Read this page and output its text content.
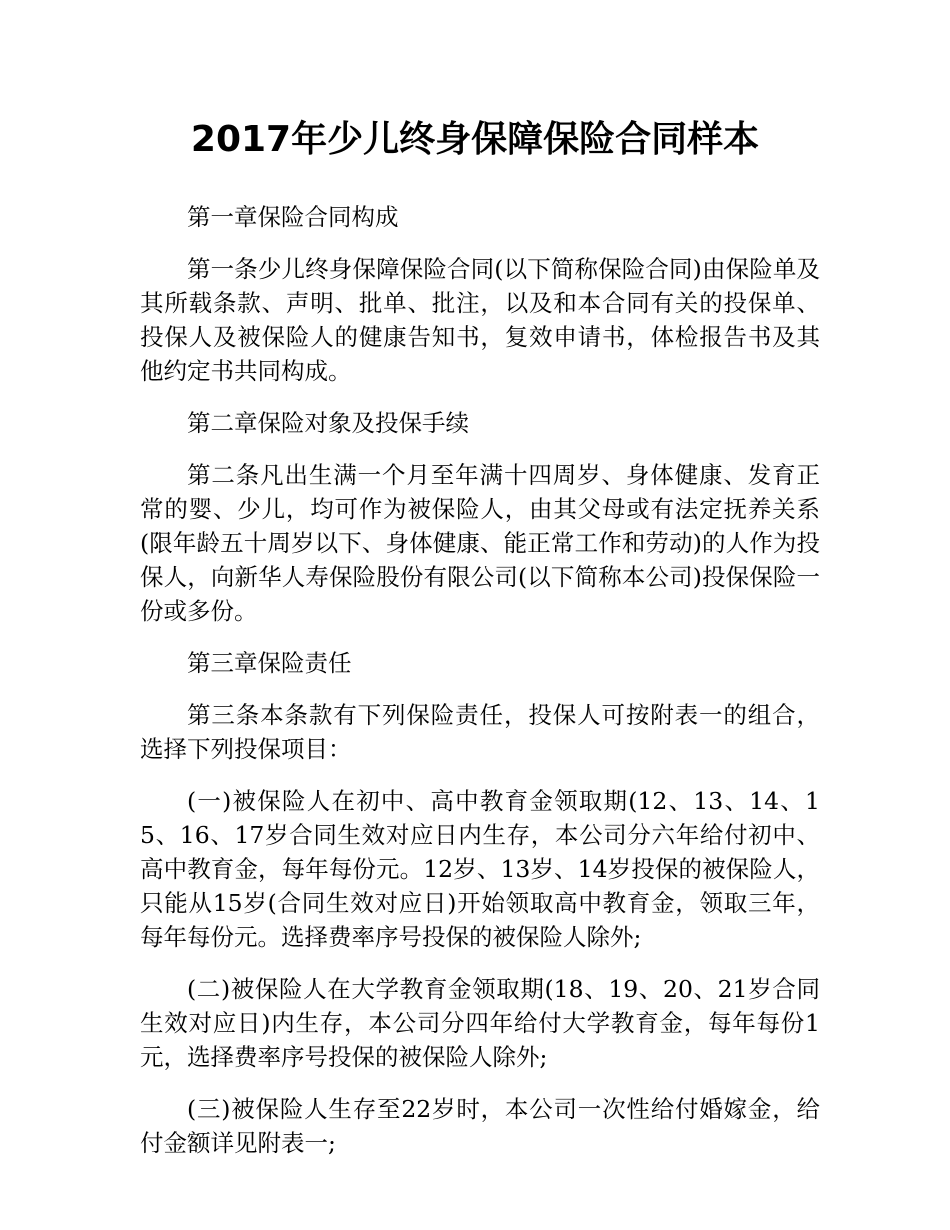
2017年少儿终身保障保险合同样本

第一章保险合同构成

第一条少儿终身保障保险合同(以下简称保险合同)由保险单及其所载条款、声明、批单、批注，以及和本合同有关的投保单、投保人及被保险人的健康告知书，复效申请书，体检报告书及其他约定书共同构成。

第二章保险对象及投保手续

第二条凡出生满一个月至年满十四周岁、身体健康、发育正常的婴、少儿，均可作为被保险人，由其父母或有法定抚养关系(限年龄五十周岁以下、身体健康、能正常工作和劳动)的人作为投保人，向新华人寿保险股份有限公司(以下简称本公司)投保保险一份或多份。

第三章保险责任

第三条本条款有下列保险责任，投保人可按附表一的组合，选择下列投保项目：

(一)被保险人在初中、高中教育金领取期(12、13、14、15、16、17岁合同生效对应日内生存，本公司分六年给付初中、高中教育金，每年每份元。12岁、13岁、14岁投保的被保险人，只能从15岁(合同生效对应日)开始领取高中教育金，领取三年，每年每份元。选择费率序号投保的被保险人除外;

(二)被保险人在大学教育金领取期(18、19、20、21岁合同生效对应日)内生存，本公司分四年给付大学教育金，每年每份1元，选择费率序号投保的被保险人除外;

(三)被保险人生存至22岁时，本公司一次性给付婚嫁金，给付金额详见附表一;
